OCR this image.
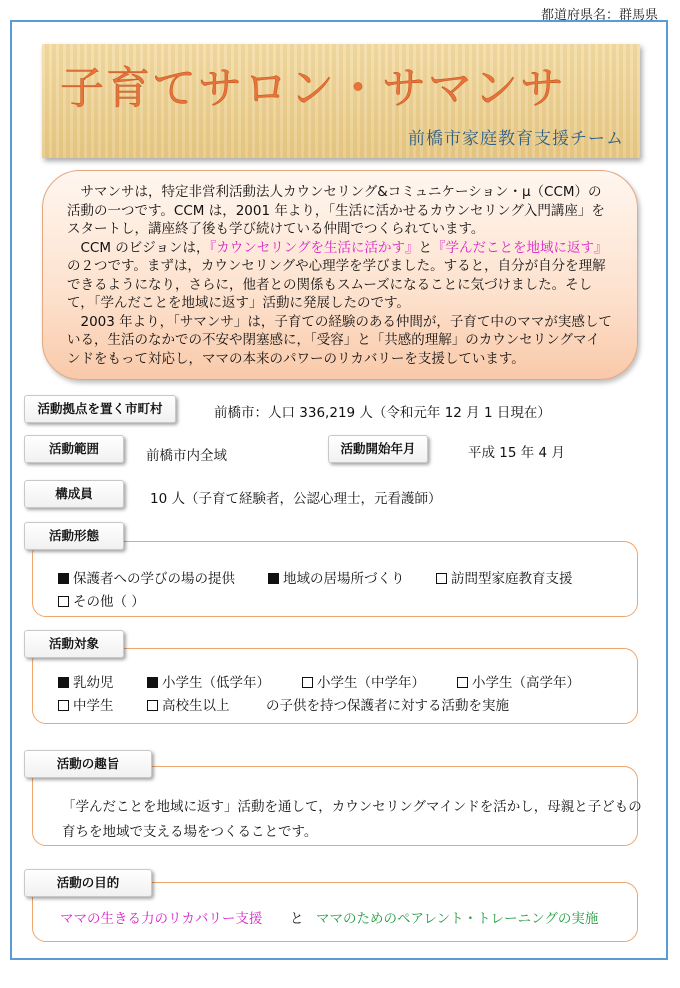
都道府県名：群馬県
子育てサロン・サマンサ
前橋市家庭教育支援チーム

サマンサは，特定非営利活動法人カウンセリング&コミュニケーション・μ（CCM）の活動の一つです。CCM は，2001 年より，「生活に活かせるカウンセリング入門講座」をスタートし，講座終了後も学び続けている仲間でつくられています。

CCM のビジョンは，『カウンセリングを生活に活かす』と『学んだことを地域に返す』の２つです。まずは，カウンセリングや心理学を学びました。すると，自分が自分を理解できるようになり，さらに，他者との関係もスムーズになることに気づけました。そして，「学んだことを地域に返す」活動に発展したのです。

2003 年より，「サマンサ」は，子育ての経験のある仲間が，子育て中のママが実感している，生活のなかでの不安や閉塞感に，「受容」と「共感的理解」のカウンセリングマインドをもって対応し，ママの本来のパワーのリカバリーを支援しています。

活動拠点を置く市町村	前橋市：人口 336,219 人（令和元年 12 月 1 日現在）
活動範囲	前橋市内全域	活動開始年月	平成 15 年 4 月
構成員	10 人（子育て経験者，公認心理士，元看護師）
活動形態
保護者への学びの場の提供	地域の居場所づくり	訪問型家庭教育支援
その他（ ）
活動対象
乳幼児	小学生（低学年）	小学生（中学年）	小学生（高学年）
中学生	高校生以上	の子供を持つ保護者に対する活動を実施
活動の趣旨
「学んだことを地域に返す」活動を通して，カウンセリングマインドを活かし，母親と子どもの
育ちを地域で支える場をつくることです。
活動の目的
ママの生きる力のリカバリー支援 と ママのためのペアレント・トレーニングの実施
